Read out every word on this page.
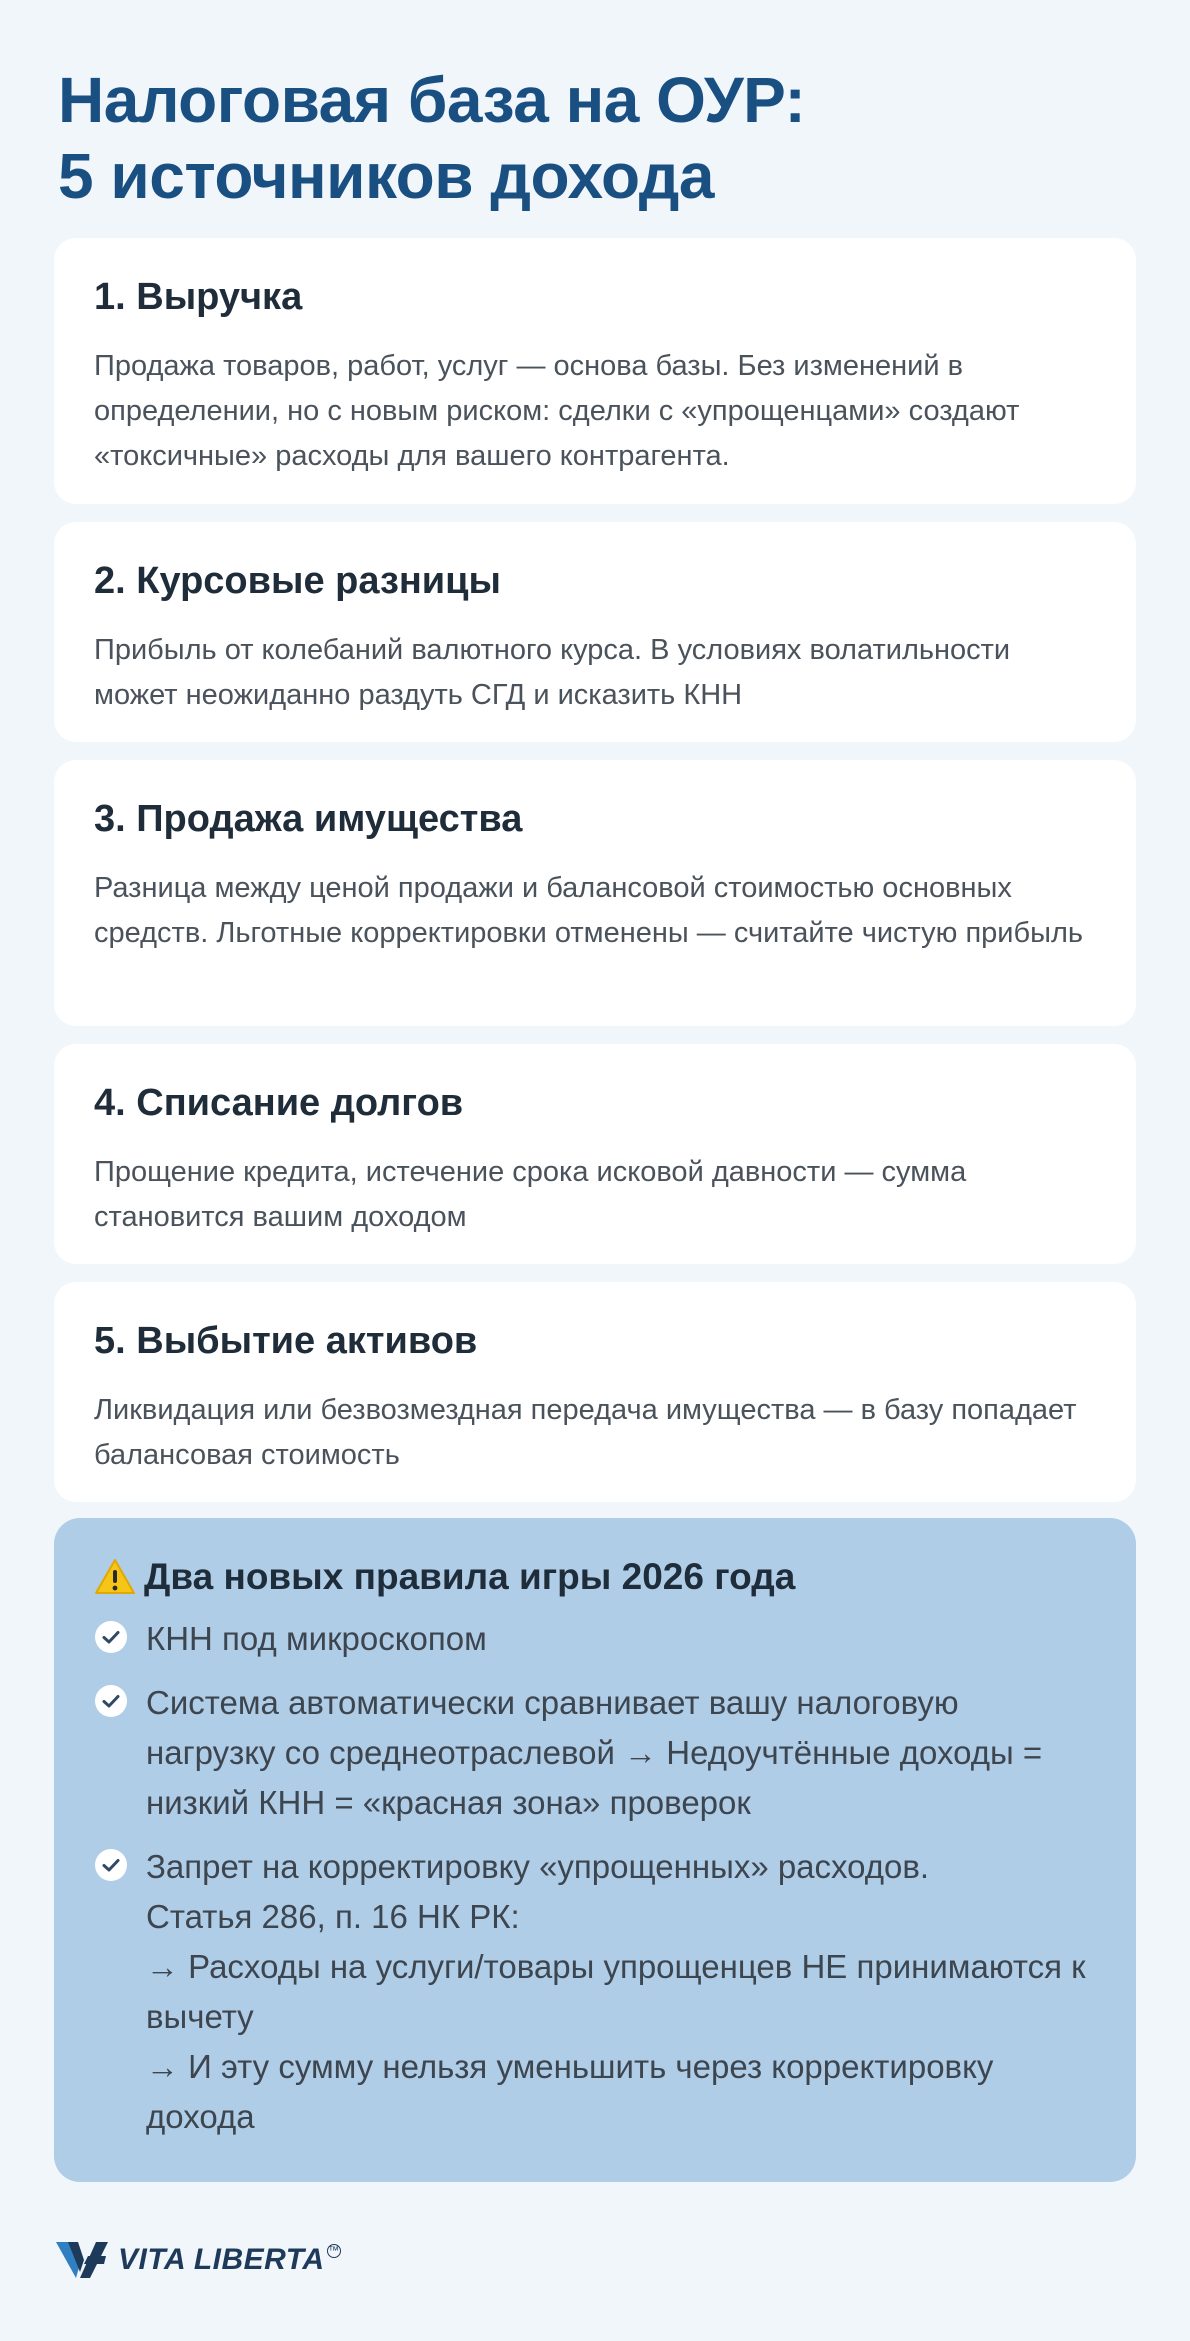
Налоговая база на ОУР:
5 источников дохода
1. Выручка
Продажа товаров, работ, услуг — основа базы. Без изменений в определении, но с новым риском: сделки с «упрощенцами» создают «токсичные» расходы для вашего контрагента.
2. Курсовые разницы
Прибыль от колебаний валютного курса. В условиях волатильности может неожиданно раздуть СГД и исказить КНН
3. Продажа имущества
Разница между ценой продажи и балансовой стоимостью основных средств. Льготные корректировки отменены — считайте чистую прибыль
4. Списание долгов
Прощение кредита, истечение срока исковой давности — сумма становится вашим доходом
5. Выбытие активов
Ликвидация или безвозмездная передача имущества — в базу попадает балансовая стоимость
Два новых правила игры 2026 года
КНН под микроскопом
Система автоматически сравнивает вашу налоговую нагрузку со среднеотраслевой → Недоучтённые доходы = низкий КНН = «красная зона» проверок
Запрет на корректировку «упрощенных» расходов.
Статья 286, п. 16 НК РК:
→ Расходы на услуги/товары упрощенцев НЕ принимаются к вычету
→ И эту сумму нельзя уменьшить через корректировку дохода
VITA LIBERTA ™
